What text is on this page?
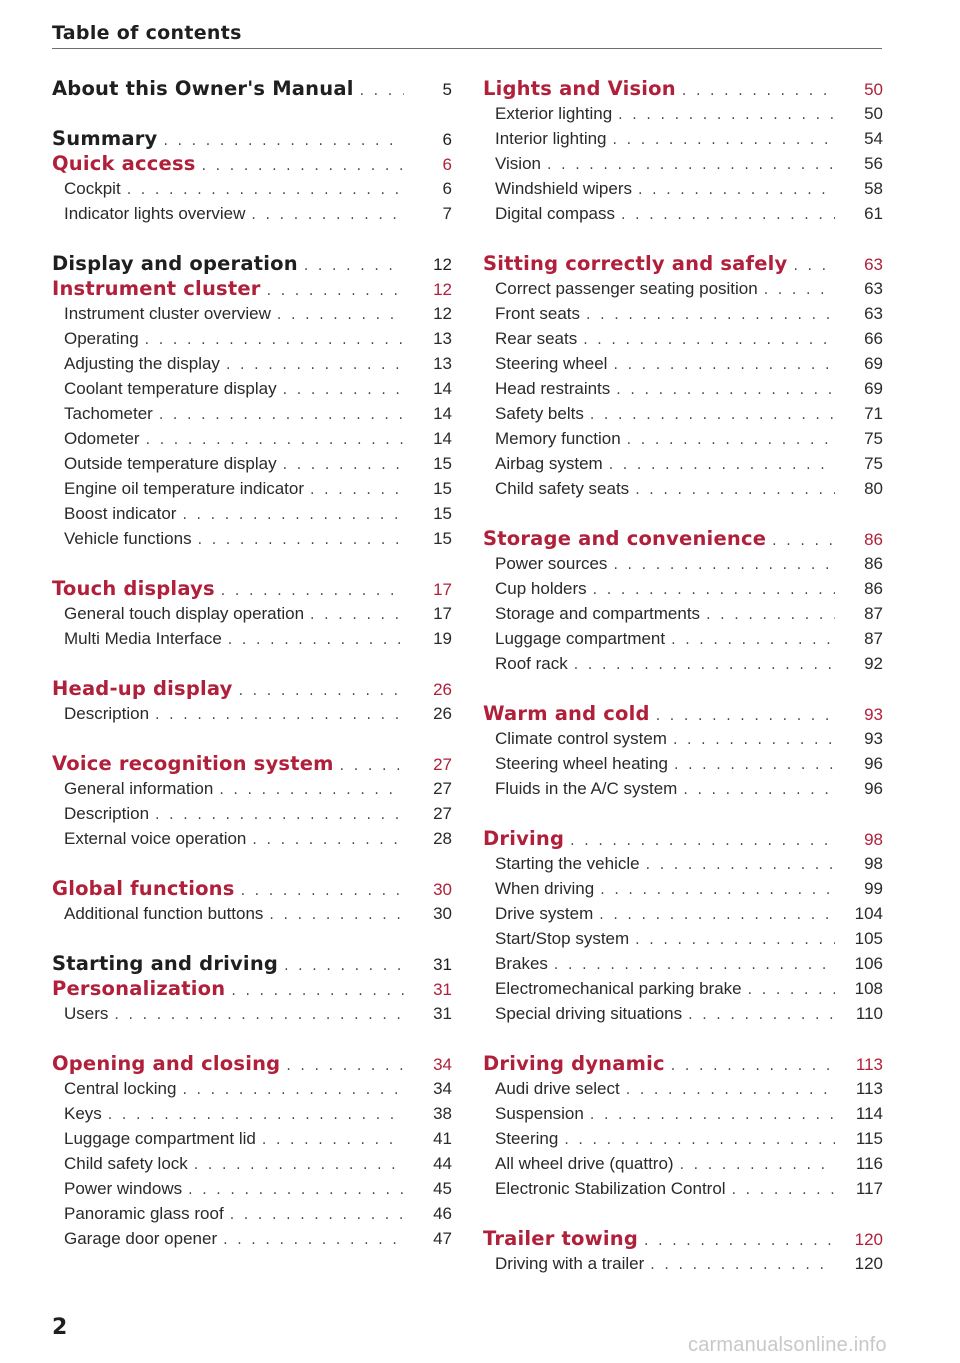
Table of contents
About this Owner's Manual . . .	5
Summary . . .	6
Quick access . . .	6
Cockpit . . .	6
Indicator lights overview . . .	7
Display and operation . . .	12
Instrument cluster . . .	12
Instrument cluster overview . . .	12
Operating . . .	13
Adjusting the display . . .	13
Coolant temperature display . . .	14
Tachometer . . .	14
Odometer . . .	14
Outside temperature display . . .	15
Engine oil temperature indicator . . .	15
Boost indicator . . .	15
Vehicle functions . . .	15
Touch displays . . .	17
General touch display operation . . .	17
Multi Media Interface . . .	19
Head-up display . . .	26
Description . . .	26
Voice recognition system . . .	27
General information . . .	27
Description . . .	27
External voice operation . . .	28
Global functions . . .	30
Additional function buttons . . .	30
Starting and driving . . .	31
Personalization . . .	31
Users . . .	31
Opening and closing . . .	34
Central locking . . .	34
Keys . . .	38
Luggage compartment lid . . .	41
Child safety lock . . .	44
Power windows . . .	45
Panoramic glass roof . . .	46
Garage door opener . . .	47
Lights and Vision . . .	50
Exterior lighting . . .	50
Interior lighting . . .	54
Vision . . .	56
Windshield wipers . . .	58
Digital compass . . .	61
Sitting correctly and safely . . .	63
Correct passenger seating position . . .	63
Front seats . . .	63
Rear seats . . .	66
Steering wheel . . .	69
Head restraints . . .	69
Safety belts . . .	71
Memory function . . .	75
Airbag system . . .	75
Child safety seats . . .	80
Storage and convenience . . .	86
Power sources . . .	86
Cup holders . . .	86
Storage and compartments . . .	87
Luggage compartment . . .	87
Roof rack . . .	92
Warm and cold . . .	93
Climate control system . . .	93
Steering wheel heating . . .	96
Fluids in the A/C system . . .	96
Driving . . .	98
Starting the vehicle . . .	98
When driving . . .	99
Drive system . . .	104
Start/Stop system . . .	105
Brakes . . .	106
Electromechanical parking brake . . .	108
Special driving situations . . .	110
Driving dynamic . . .	113
Audi drive select . . .	113
Suspension . . .	114
Steering . . .	115
All wheel drive (quattro) . . .	116
Electronic Stabilization Control . . .	117
Trailer towing . . .	120
Driving with a trailer . . .	120
2
carmanualsonline.info
